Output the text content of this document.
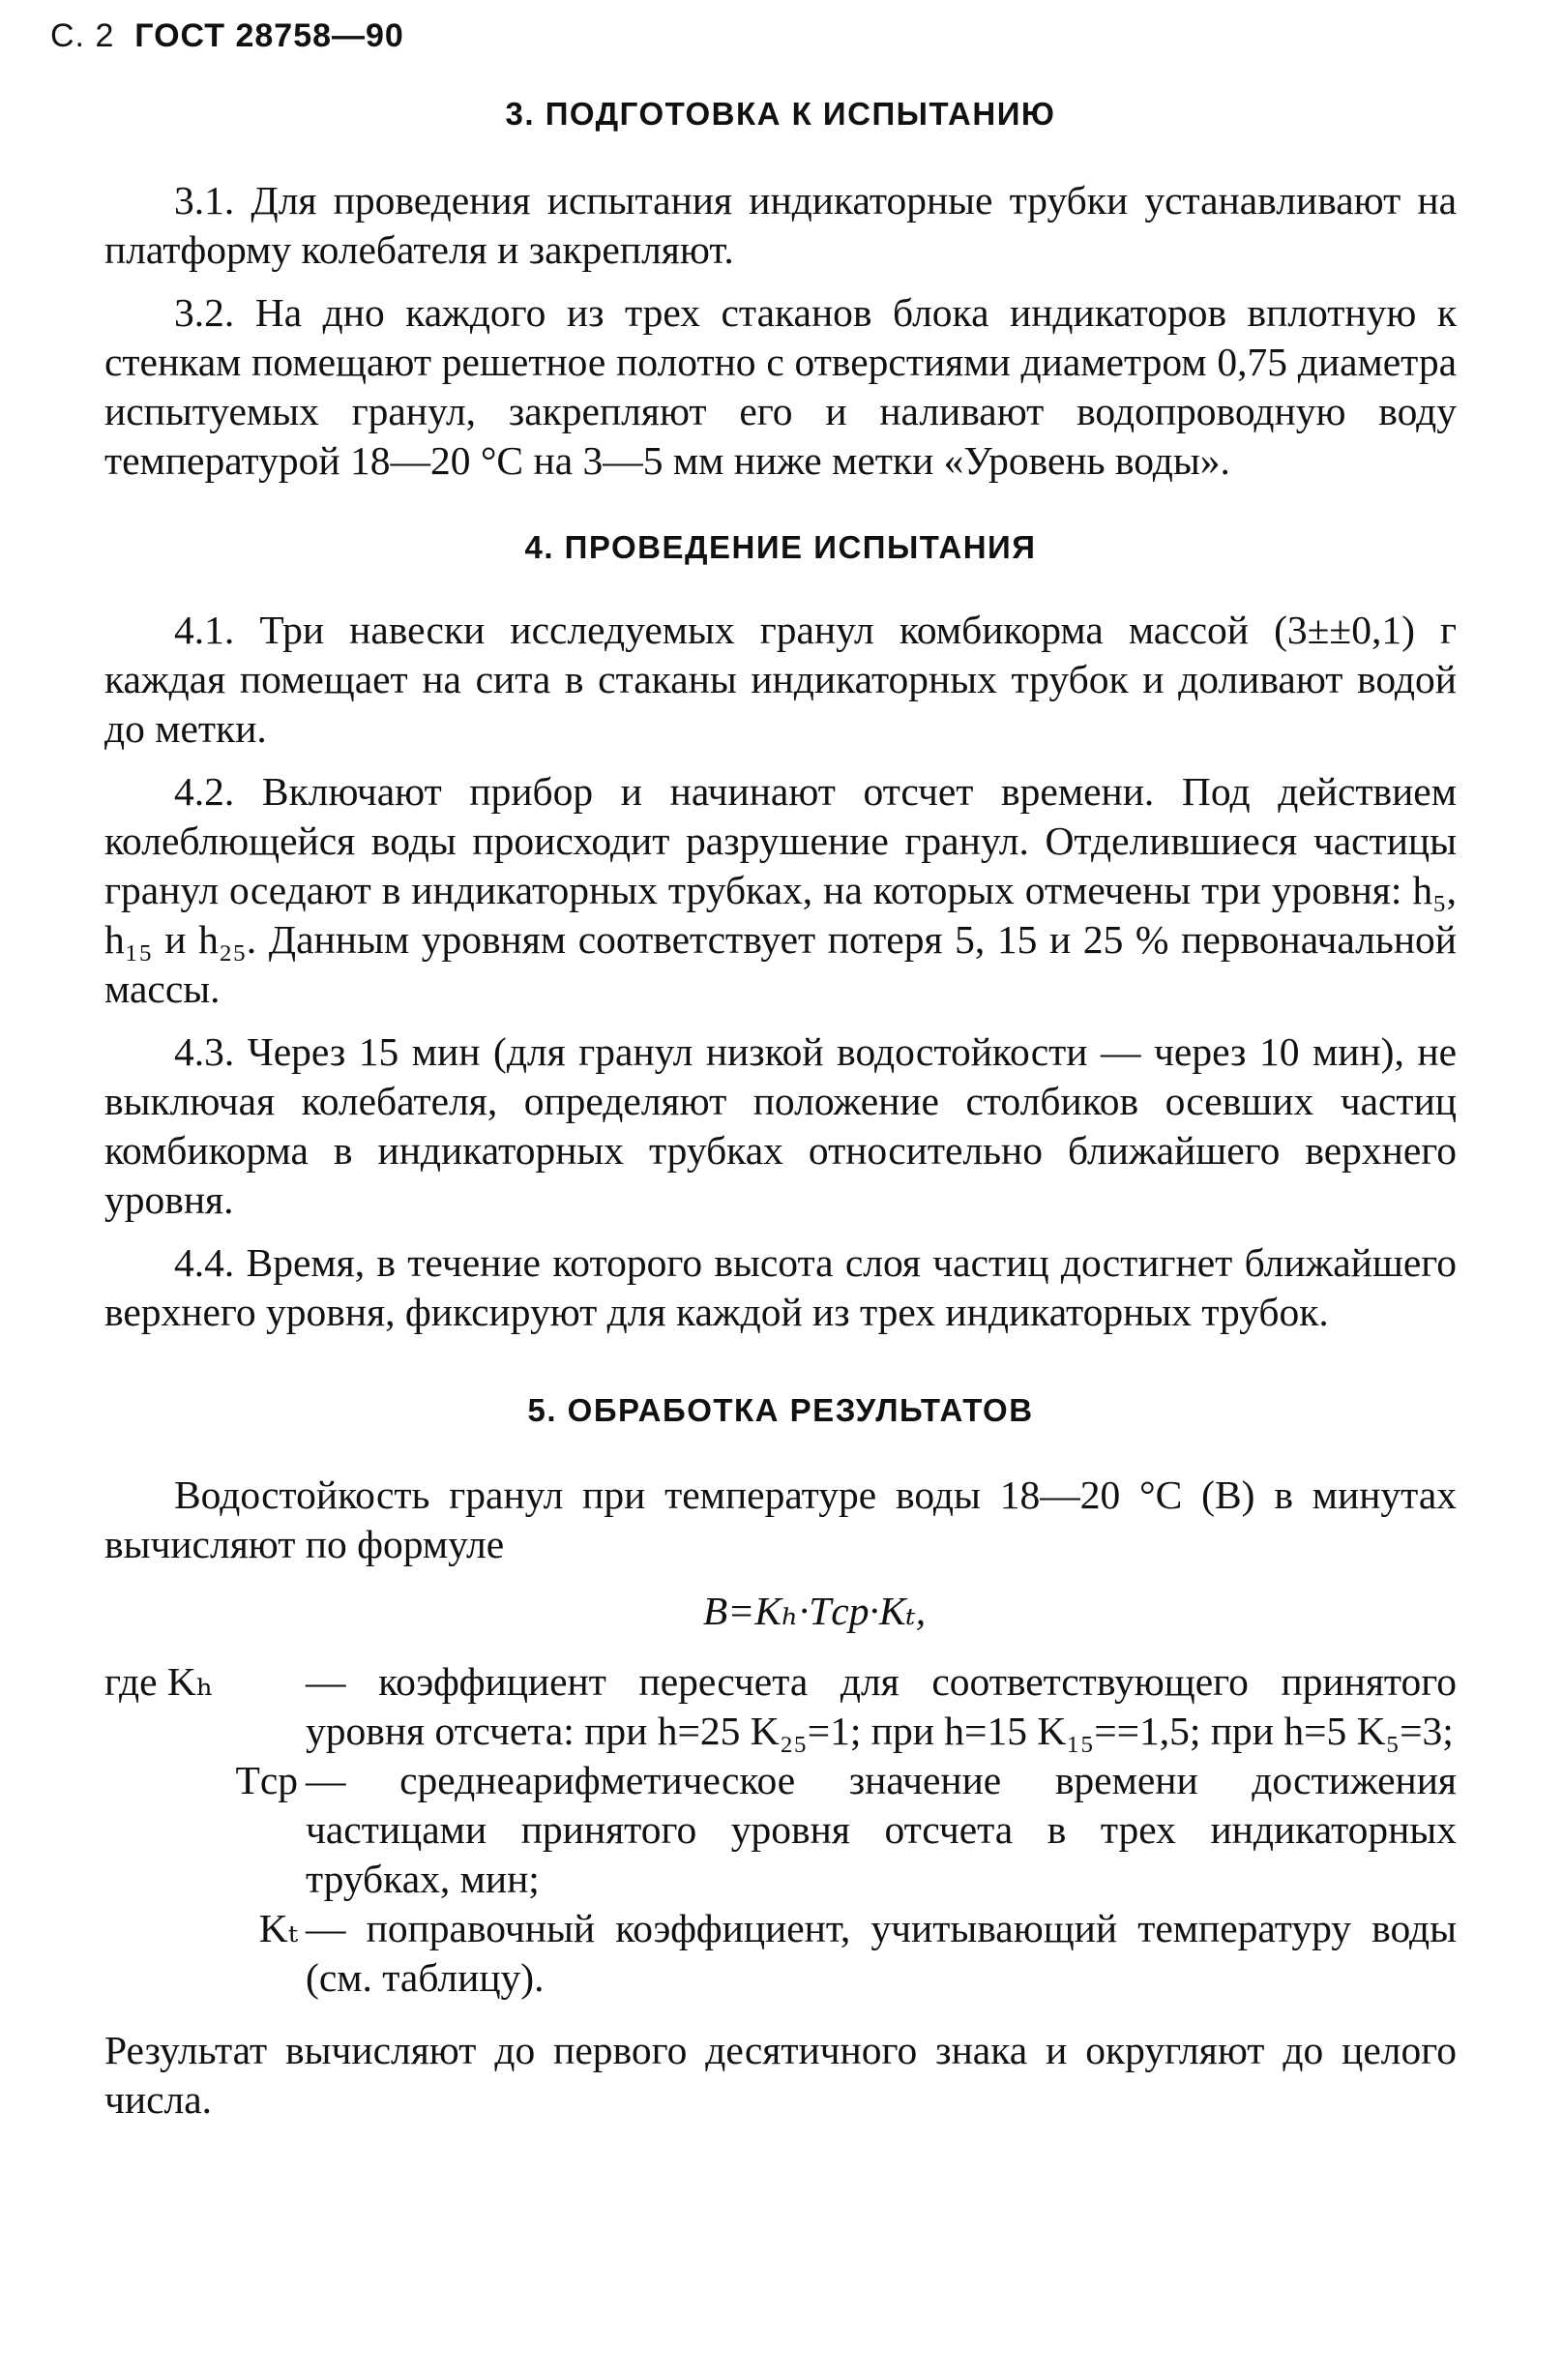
С. 2 ГОСТ 28758—90
3. ПОДГОТОВКА К ИСПЫТАНИЮ

3.1. Для проведения испытания индикаторные трубки устанавливают на платформу колебателя и закрепляют.

3.2. На дно каждого из трех стаканов блока индикаторов вплотную к стенкам помещают решетное полотно с отверстиями диаметром 0,75 диаметра испытуемых гранул, закрепляют его и наливают водопроводную воду температурой 18—20 °С на 3—5 мм ниже метки «Уровень воды».

4. ПРОВЕДЕНИЕ ИСПЫТАНИЯ

4.1. Три навески исследуемых гранул комбикорма массой (3±±0,1) г каждая помещает на сита в стаканы индикаторных трубок и доливают водой до метки.

4.2. Включают прибор и начинают отсчет времени. Под действием колеблющейся воды происходит разрушение гранул. Отделившиеся частицы гранул оседают в индикаторных трубках, на которых отмечены три уровня: h₅, h₁₅ и h₂₅. Данным уровням соответствует потеря 5, 15 и 25 % первоначальной массы.

4.3. Через 15 мин (для гранул низкой водостойкости — через 10 мин), не выключая колебателя, определяют положение столбиков осевших частиц комбикорма в индикаторных трубках относительно ближайшего верхнего уровня.

4.4. Время, в течение которого высота слоя частиц достигнет ближайшего верхнего уровня, фиксируют для каждой из трех индикаторных трубок.

5. ОБРАБОТКА РЕЗУЛЬТАТОВ

Водостойкость гранул при температуре воды 18—20 °С (B) в минутах вычисляют по формуле

B=Kₕ·Tср·Kₜ,
где Kₕ	— коэффициент пересчета для соответствующего принятого уровня отсчета: при h=25 K₂₅=1; при h=15 K₁₅==1,5; при h=5 K₅=3;
Tср — среднеарифметическое значение времени достижения частицами принятого уровня отсчета в трех индикаторных трубках, мин;
Kₜ — поправочный коэффициент, учитывающий температуру воды (см. таблицу).

Результат вычисляют до первого десятичного знака и округляют до целого числа.
